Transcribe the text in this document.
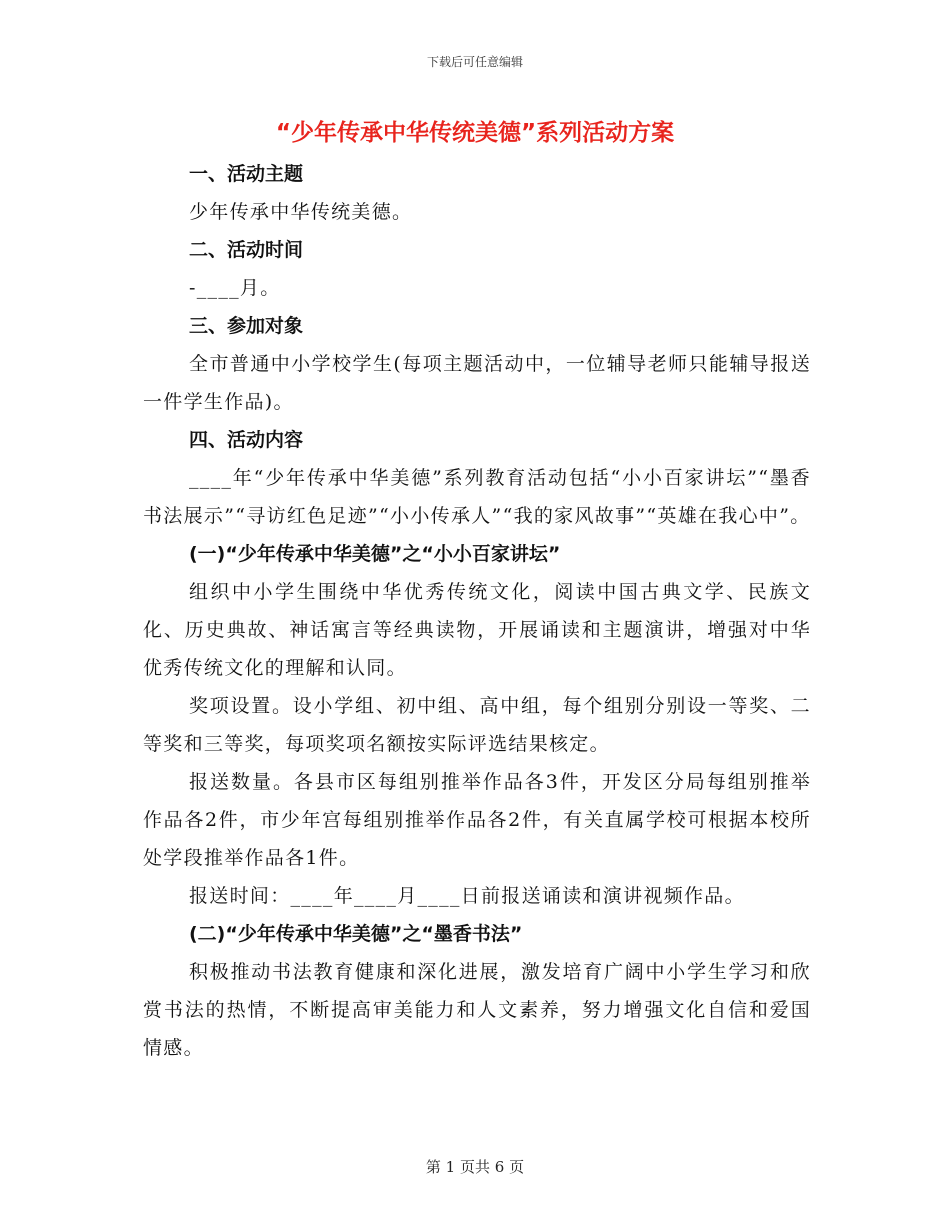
下载后可任意编辑
“少年传承中华传统美德”系列活动方案
一、活动主题
少年传承中华传统美德。
二、活动时间
-____月。
三、参加对象
全市普通中小学校学生(每项主题活动中，一位辅导老师只能辅导报送一件学生作品)。
四、活动内容
____年“少年传承中华美德”系列教育活动包括“小小百家讲坛”“墨香书法展示”“寻访红色足迹”“小小传承人”“我的家风故事”“英雄在我心中”。
(一)“少年传承中华美德”之“小小百家讲坛”
组织中小学生围绕中华优秀传统文化，阅读中国古典文学、民族文化、历史典故、神话寓言等经典读物，开展诵读和主题演讲，增强对中华优秀传统文化的理解和认同。
奖项设置。设小学组、初中组、高中组，每个组别分别设一等奖、二等奖和三等奖，每项奖项名额按实际评选结果核定。
报送数量。各县市区每组别推举作品各3件，开发区分局每组别推举作品各2件，市少年宫每组别推举作品各2件，有关直属学校可根据本校所处学段推举作品各1件。
报送时间：____年____月____日前报送诵读和演讲视频作品。
(二)“少年传承中华美德”之“墨香书法”
积极推动书法教育健康和深化进展，激发培育广阔中小学生学习和欣赏书法的热情，不断提高审美能力和人文素养，努力增强文化自信和爱国情感。
第 1 页共 6 页
